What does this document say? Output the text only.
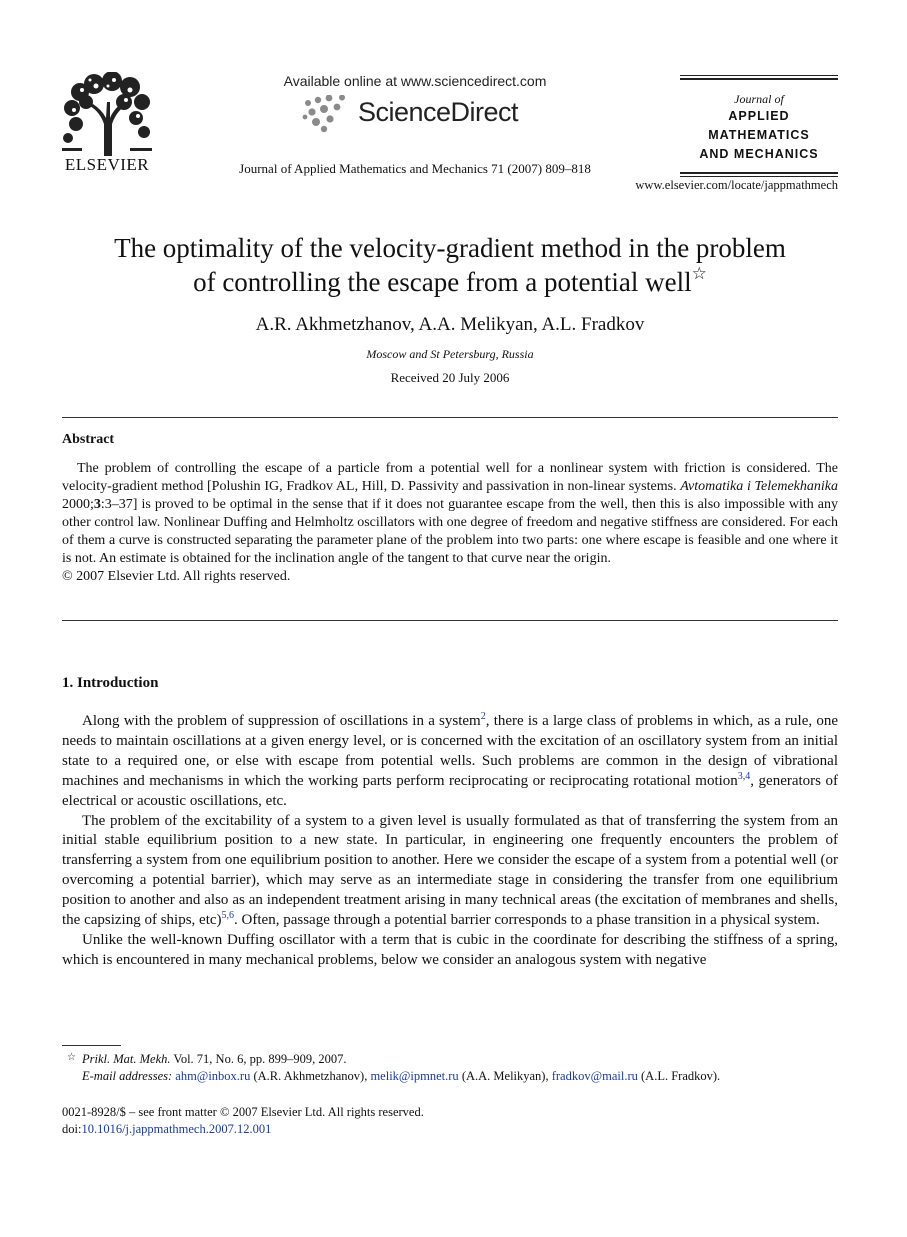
ELSEVIER
Available online at www.sciencedirect.com
ScienceDirect
Journal of Applied Mathematics and Mechanics 71 (2007) 809–818
Journal of
APPLIED
MATHEMATICS
AND MECHANICS
www.elsevier.com/locate/jappmathmech
The optimality of the velocity-gradient method in the problem
of controlling the escape from a potential well☆
A.R. Akhmetzhanov, A.A. Melikyan, A.L. Fradkov
Moscow and St Petersburg, Russia
Received 20 July 2006
Abstract

The problem of controlling the escape of a particle from a potential well for a nonlinear system with friction is considered. The velocity-gradient method [Polushin IG, Fradkov AL, Hill, D. Passivity and passivation in non-linear systems. Avtomatika i Telemekhanika 2000;3:3–37] is proved to be optimal in the sense that if it does not guarantee escape from the well, then this is also impossible with any other control law. Nonlinear Duffing and Helmholtz oscillators with one degree of freedom and negative stiffness are considered. For each of them a curve is constructed separating the parameter plane of the problem into two parts: one where escape is feasible and one where it is not. An estimate is obtained for the inclination angle of the tangent to that curve near the origin.

© 2007 Elsevier Ltd. All rights reserved.

1. Introduction

Along with the problem of suppression of oscillations in a system$^2$, there is a large class of problems in which, as a rule, one needs to maintain oscillations at a given energy level, or is concerned with the excitation of an oscillatory system from an initial state to a required one, or else with escape from potential wells. Such problems are common in the design of vibrational machines and mechanisms in which the working parts perform reciprocating or reciprocating rotational motion$^{3,4}$, generators of electrical or acoustic oscillations, etc.

The problem of the excitability of a system to a given level is usually formulated as that of transferring the system from an initial stable equilibrium position to a new state. In particular, in engineering one frequently encounters the problem of transferring a system from one equilibrium position to another. Here we consider the escape of a system from a potential well (or overcoming a potential barrier), which may serve as an intermediate stage in considering the transfer from one equilibrium position to another and also as an independent treatment arising in many technical areas (the excitation of membranes and shells, the capsizing of ships, etc)$^{5,6}$. Often, passage through a potential barrier corresponds to a phase transition in a physical system.

Unlike the well-known Duffing oscillator with a term that is cubic in the coordinate for describing the stiffness of a spring, which is encountered in many mechanical problems, below we consider an analogous system with negative

☆ Prikl. Mat. Mekh. Vol. 71, No. 6, pp. 899–909, 2007.
E-mail addresses: ahm@inbox.ru (A.R. Akhmetzhanov), melik@ipmnet.ru (A.A. Melikyan), fradkov@mail.ru (A.L. Fradkov).
0021-8928/$ – see front matter © 2007 Elsevier Ltd. All rights reserved.
doi:10.1016/j.jappmathmech.2007.12.001
